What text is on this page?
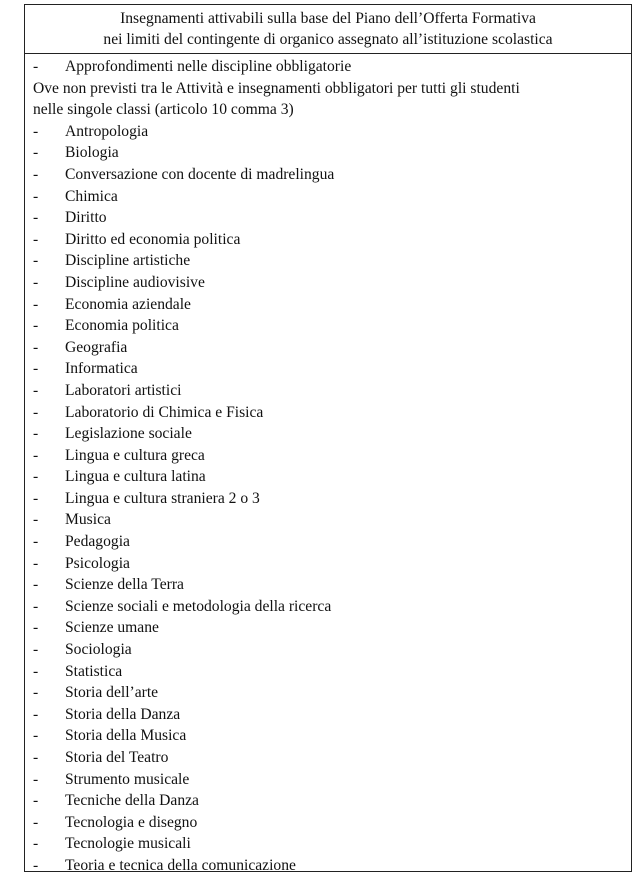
Insegnamenti attivabili sulla base del Piano dell’Offerta Formativa
nei limiti del contingente di organico assegnato all’istituzione scolastica
-	Approfondimenti nelle discipline obbligatorie
Ove non previsti tra le Attività e insegnamenti obbligatori per tutti gli studenti
nelle singole classi (articolo 10 comma 3)
-	Antropologia
-	Biologia
-	Conversazione con docente di madrelingua
-	Chimica
-	Diritto
-	Diritto ed economia politica
-	Discipline artistiche
-	Discipline audiovisive
-	Economia aziendale
-	Economia politica
-	Geografia
-	Informatica
-	Laboratori artistici
-	Laboratorio di Chimica e Fisica
-	Legislazione sociale
-	Lingua e cultura greca
-	Lingua e cultura latina
-	Lingua e cultura straniera 2 o 3
-	Musica
-	Pedagogia
-	Psicologia
-	Scienze della Terra
-	Scienze sociali e metodologia della ricerca
-	Scienze umane
-	Sociologia
-	Statistica
-	Storia dell’arte
-	Storia della Danza
-	Storia della Musica
-	Storia del Teatro
-	Strumento musicale
-	Tecniche della Danza
-	Tecnologia e disegno
-	Tecnologie musicali
-	Teoria e tecnica della comunicazione
